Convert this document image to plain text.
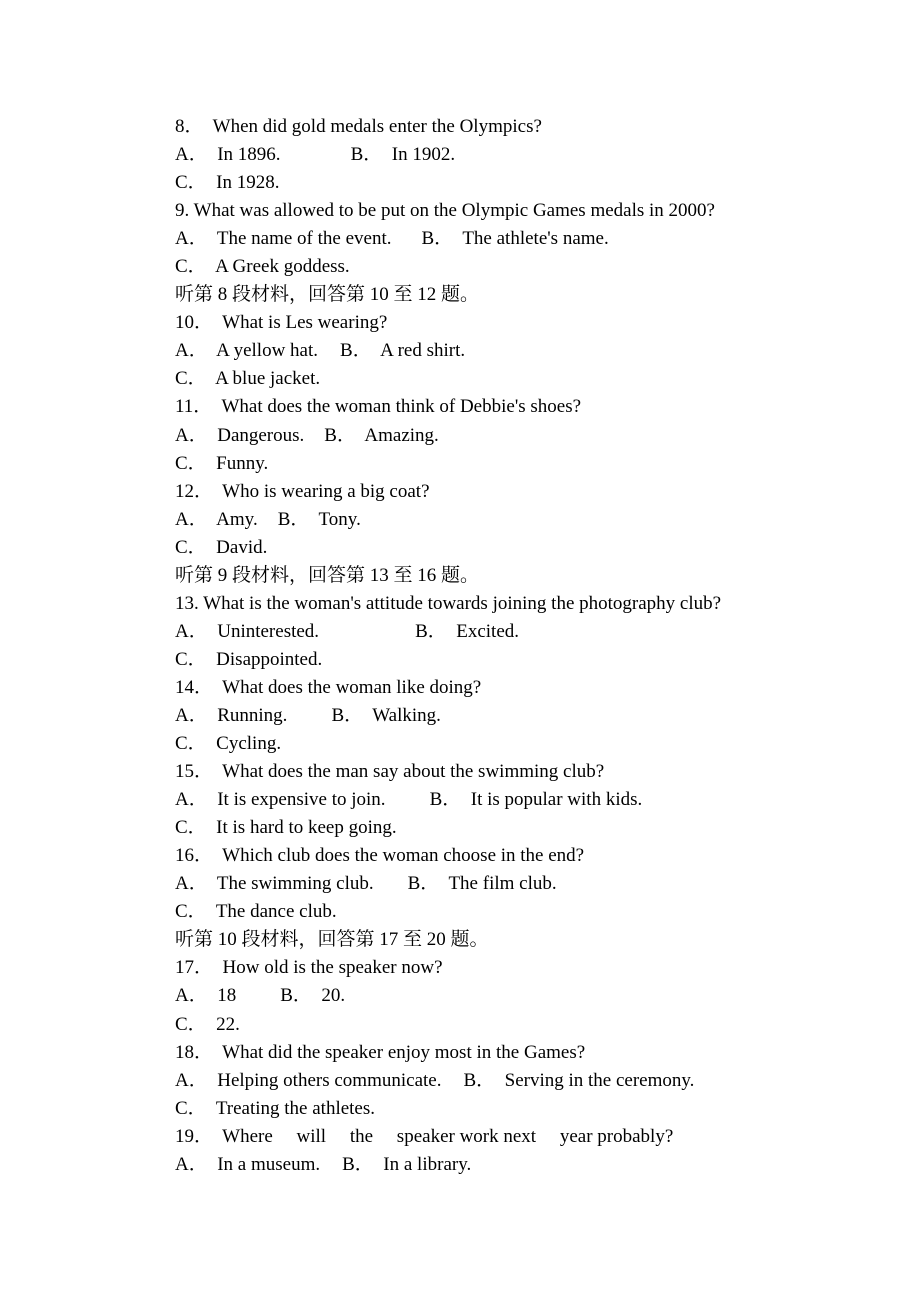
8．  When did gold medals enter the Olympics?
A．  In 1896.	B．  In 1902.
C．  In 1928.
9. What was allowed to be put on the Olympic Games medals in 2000?
A．  The name of the event. B．  The athlete's name.
C．  A Greek goddess.
听第 8 段材料，回答第 10 至 12 题。
10．  What is Les wearing?
A．  A yellow hat. B．  A red shirt.
C．  A blue jacket.
11．  What does the woman think of Debbie's shoes?
A．  Dangerous. B．  Amazing.
C．  Funny.
12．  Who is wearing a big coat?
A．  Amy. B．  Tony.
C．  David.
听第 9 段材料，回答第 13 至 16 题。
13. What is the woman's attitude towards joining the photography club?
A．  Uninterested.	B．  Excited.
C．  Disappointed.
14．  What does the woman like doing?
A．  Running. B．  Walking.
C．  Cycling.
15．  What does the man say about the swimming club?
A．  It is expensive to join. B．  It is popular with kids.
C．  It is hard to keep going.
16．  Which club does the woman choose in the end?
A．  The swimming club. B．  The film club.
C．  The dance club.
听第 10 段材料，回答第 17 至 20 题。
17．  How old is the speaker now?
A．  18 B．  20.
C．  22.
18．  What did the speaker enjoy most in the Games?
A．  Helping others communicate. B．  Serving in the ceremony.
C．  Treating the athletes.
19．  Where     will     the     speaker work next     year probably?
A．  In a museum. B．  In a library.
